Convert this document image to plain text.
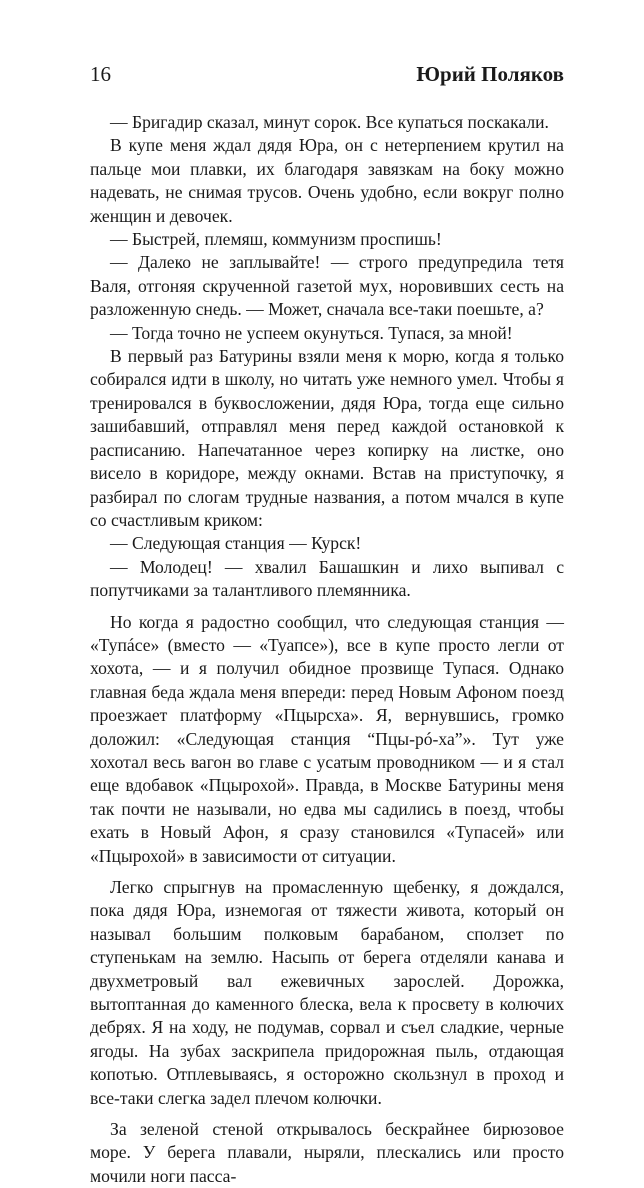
16	Юрий Поляков

— Бригадир сказал, минут сорок. Все купаться поскакали.

В купе меня ждал дядя Юра, он с нетерпением крутил на пальце мои плавки, их благодаря завязкам на боку можно надевать, не снимая трусов. Очень удобно, если вокруг полно женщин и девочек.

— Быстрей, племяш, коммунизм проспишь!

— Далеко не заплывайте! — строго предупредила тетя Валя, отгоняя скрученной газетой мух, норовивших сесть на разложенную снедь. — Может, сначала все-таки поешьте, а?

— Тогда точно не успеем окунуться. Тупася, за мной!

В первый раз Батурины взяли меня к морю, когда я только собирался идти в школу, но читать уже немного умел. Чтобы я тренировался в буквосложении, дядя Юра, тогда еще сильно зашибавший, отправлял меня перед каждой остановкой к расписанию. Напечатанное через копирку на листке, оно висело в коридоре, между окнами. Встав на приступочку, я разбирал по слогам трудные названия, а потом мчался в купе со счастливым криком:

— Следующая станция — Курск!

— Молодец! — хвалил Башашкин и лихо выпивал с попутчиками за талантливого племянника.

Но когда я радостно сообщил, что следующая станция — «Тупáсе» (вместо — «Туапсе»), все в купе просто легли от хохота, — и я получил обидное прозвище Тупася. Однако главная беда ждала меня впереди: перед Новым Афоном поезд проезжает платформу «Пцырсха». Я, вернувшись, громко доложил: «Следующая станция “Пцы-рó-ха”». Тут уже хохотал весь вагон во главе с усатым проводником — и я стал еще вдобавок «Пцырохой». Правда, в Москве Батурины меня так почти не называли, но едва мы садились в поезд, чтобы ехать в Новый Афон, я сразу становился «Тупасей» или «Пцырохой» в зависимости от ситуации.

Легко спрыгнув на промасленную щебенку, я дождался, пока дядя Юра, изнемогая от тяжести живота, который он называл большим полковым барабаном, сползет по ступенькам на землю. Насыпь от берега отделяли канава и двухметровый вал ежевичных зарослей. Дорожка, вытоптанная до каменного блеска, вела к просвету в колючих дебрях. Я на ходу, не подумав, сорвал и съел сладкие, черные ягоды. На зубах заскрипела придорожная пыль, отдающая копотью. Отплевываясь, я осторожно скользнул в проход и все-таки слегка задел плечом колючки.

За зеленой стеной открывалось бескрайнее бирюзовое море. У берега плавали, ныряли, плескались или просто мочили ноги пасса-
